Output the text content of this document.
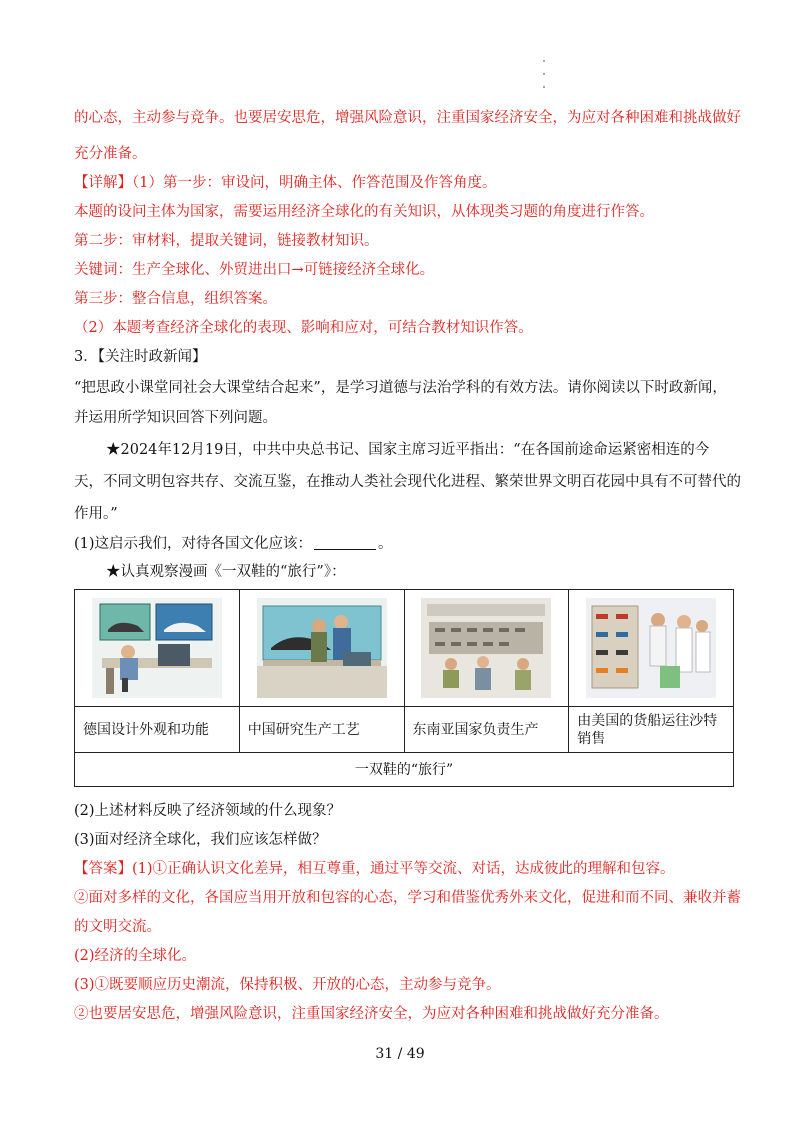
的心态，主动参与竞争。也要居安思危，增强风险意识，注重国家经济安全，为应对各种困难和挑战做好
充分准备。
【详解】（1）第一步：审设问，明确主体、作答范围及作答角度。
本题的设问主体为国家，需要运用经济全球化的有关知识，从体现类习题的角度进行作答。
第二步：审材料，提取关键词，链接教材知识。
关键词：生产全球化、外贸进出口→可链接经济全球化。
第三步：整合信息，组织答案。
（2）本题考查经济全球化的表现、影响和应对，可结合教材知识作答。
3．【关注时政新闻】
“把思政小课堂同社会大课堂结合起来”，是学习道德与法治学科的有效方法。请你阅读以下时政新闻，
并运用所学知识回答下列问题。
★2024年12月19日，中共中央总书记、国家主席习近平指出：“在各国前途命运紧密相连的今
天，不同文明包容共存、交流互鉴，在推动人类社会现代化进程、繁荣世界文明百花园中具有不可替代的
作用。”
(1)这启示我们，对待各国文化应该：	。
★认真观察漫画《一双鞋的“旅行”》：

德国设计外观和功能	中国研究生产工艺	东南亚国家负责生产	由美国的货船运往沙特销售
一双鞋的“旅行”			
(2)上述材料反映了经济领域的什么现象？
(3)面对经济全球化，我们应该怎样做？
【答案】(1)①正确认识文化差异，相互尊重，通过平等交流、对话，达成彼此的理解和包容。
②面对多样的文化，各国应当用开放和包容的心态，学习和借鉴优秀外来文化，促进和而不同、兼收并蓄
的文明交流。
(2)经济的全球化。
(3)①既要顺应历史潮流，保持积极、开放的心态，主动参与竞争。
②也要居安思危，增强风险意识，注重国家经济安全，为应对各种困难和挑战做好充分准备。
31 / 49
